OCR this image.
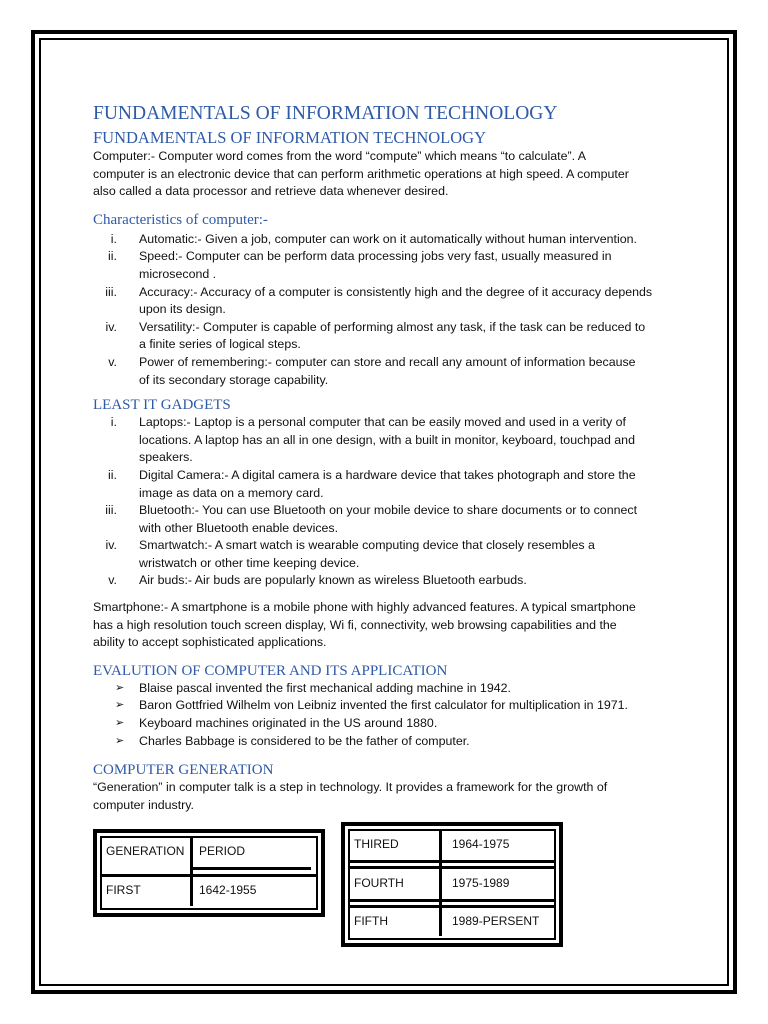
FUNDAMENTALS OF INFORMATION TECHNOLOGY
FUNDAMENTALS OF INFORMATION TECHNOLOGY

Computer:- Computer word comes from the word “compute” which means “to calculate”. A

computer is an electronic device that can perform arithmetic operations at high speed. A computer

also called a data processor and retrieve data whenever desired.

Characteristics of computer:-
i. Automatic:- Given a job, computer can work on it automatically without human intervention.
ii. Speed:- Computer can be perform data processing jobs very fast, usually measured in
microsecond .
iii. Accuracy:- Accuracy of a computer is consistently high and the degree of it accuracy depends
upon its design.
iv. Versatility:- Computer is capable of performing almost any task, if the task can be reduced to
a finite series of logical steps.
v. Power of remembering:- computer can store and recall any amount of information because
of its secondary storage capability.
LEAST IT GADGETS
i. Laptops:- Laptop is a personal computer that can be easily moved and used in a verity of
locations. A laptop has an all in one design, with a built in monitor, keyboard, touchpad and
speakers.
ii. Digital Camera:- A digital camera is a hardware device that takes photograph and store the
image as data on a memory card.
iii. Bluetooth:- You can use Bluetooth on your mobile device to share documents or to connect
with other Bluetooth enable devices.
iv. Smartwatch:- A smart watch is wearable computing device that closely resembles a
wristwatch or other time keeping device.
v. Air buds:- Air buds are popularly known as wireless Bluetooth earbuds.

Smartphone:- A smartphone is a mobile phone with highly advanced features. A typical smartphone

has a high resolution touch screen display, Wi fi, connectivity, web browsing capabilities and the

ability to accept sophisticated applications.

EVALUTION OF COMPUTER AND ITS APPLICATION
➢ Blaise pascal invented the first mechanical adding machine in 1942.
➢ Baron Gottfried Wilhelm von Leibniz invented the first calculator for multiplication in 1971.
➢ Keyboard machines originated in the US around 1880.
➢ Charles Babbage is considered to be the father of computer.
COMPUTER GENERATION

“Generation” in computer talk is a step in technology. It provides a framework for the growth of

computer industry.

GENERATION PERIOD
FIRST	1642-1955
THIRED	1964-1975
FOURTH	1975-1989
FIFTH	1989-PERSENT
